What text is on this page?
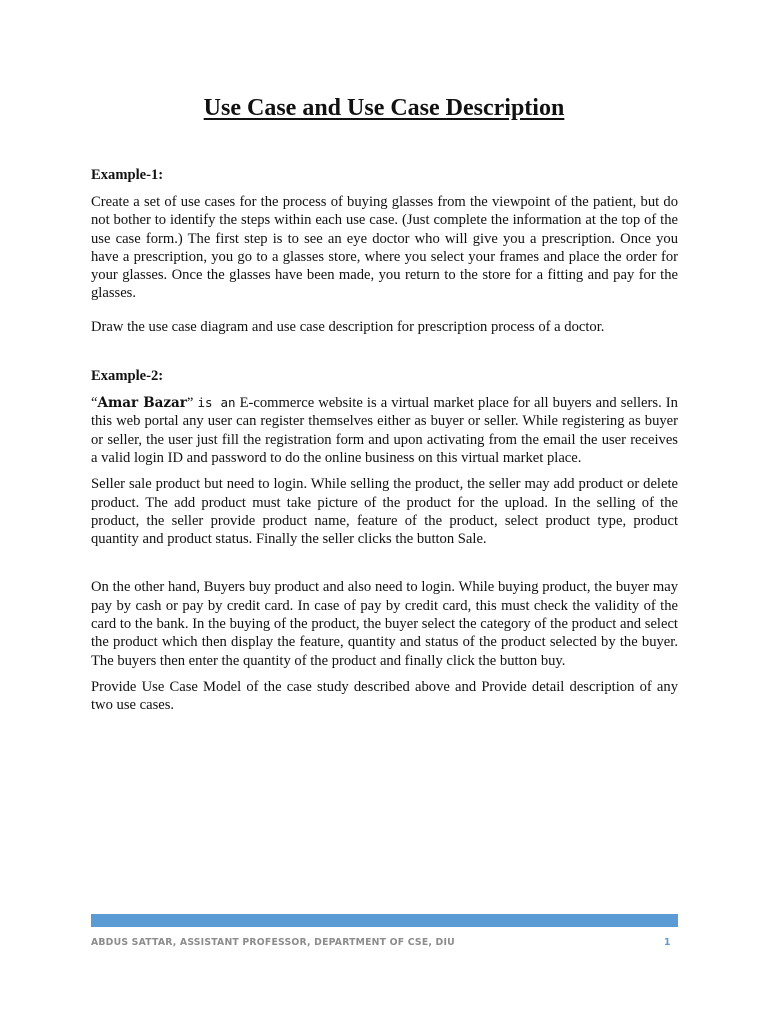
Use Case and Use Case Description

Example-1:

Create a set of use cases for the process of buying glasses from the viewpoint of the patient, but do not bother to identify the steps within each use case. (Just complete the information at the top of the use case form.) The first step is to see an eye doctor who will give you a prescription. Once you have a prescription, you go to a glasses store, where you select your frames and place the order for your glasses. Once the glasses have been made, you return to the store for a fitting and pay for the glasses.

Draw the use case diagram and use case description for prescription process of a doctor.

Example-2:

“Amar Bazar” is an E-commerce website is a virtual market place for all buyers and sellers. In this web portal any user can register themselves either as buyer or seller. While registering as buyer or seller, the user just fill the registration form and upon activating from the email the user receives a valid login ID and password to do the online business on this virtual market place.

Seller sale product but need to login. While selling the product, the seller may add product or delete product. The add product must take picture of the product for the upload. In the selling of the product, the seller provide product name, feature of the product, select product type, product quantity and product status. Finally the seller clicks the button Sale.

On the other hand, Buyers buy product and also need to login. While buying product, the buyer may pay by cash or pay by credit card. In case of pay by credit card, this must check the validity of the card to the bank. In the buying of the product, the buyer select the category of the product and select the product which then display the feature, quantity and status of the product selected by the buyer. The buyers then enter the quantity of the product and finally click the button buy.

Provide Use Case Model of the case study described above and Provide detail description of any two use cases.

ABDUS SATTAR, ASSISTANT PROFESSOR, DEPARTMENT OF CSE, DIU	1
